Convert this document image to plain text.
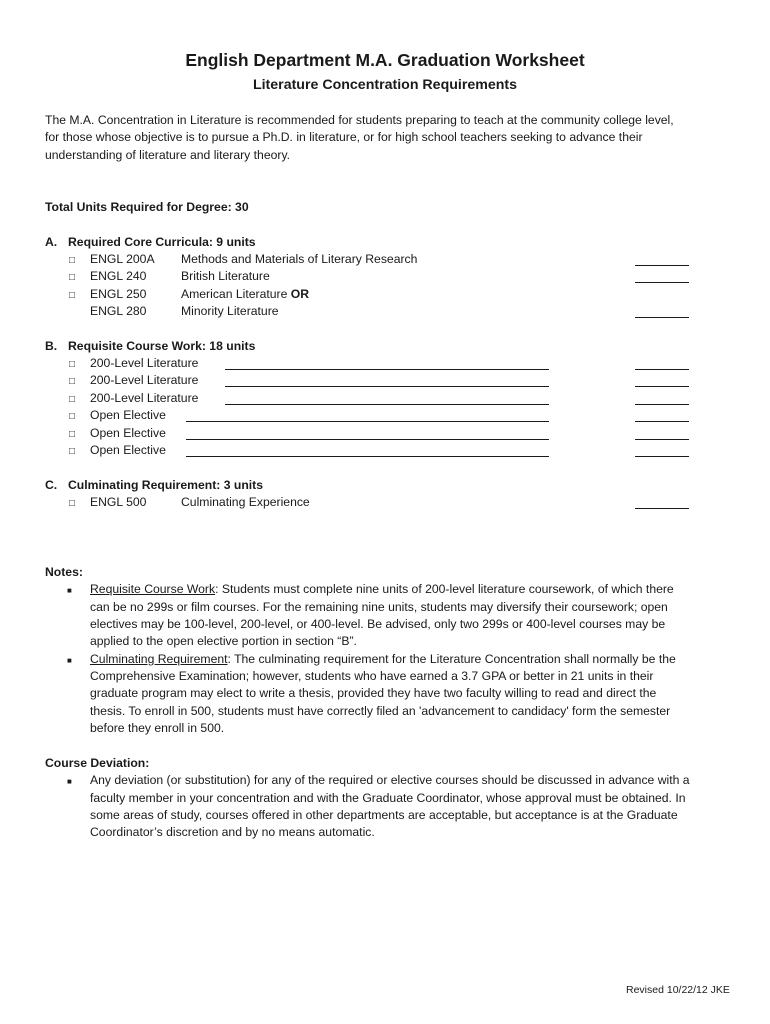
English Department M.A. Graduation Worksheet
Literature Concentration Requirements
The M.A. Concentration in Literature is recommended for students preparing to teach at the community college level,
for those whose objective is to pursue a Ph.D. in literature, or for high school teachers seeking to advance their
understanding of literature and literary theory.
Total Units Required for Degree: 30
A. Required Core Curricula: 9 units
□ ENGL 200A Methods and Materials of Literary Research
□ ENGL 240	British Literature
□ ENGL 250	American Literature OR
ENGL 280	Minority Literature
B. Requisite Course Work: 18 units
□ 200-Level Literature
□ 200-Level Literature
□ 200-Level Literature
□ Open Elective
□ Open Elective
□ Open Elective
C. Culminating Requirement: 3 units
□ ENGL 500	Culminating Experience
Notes:
■ Requisite Course Work: Students must complete nine units of 200-level literature coursework, of which there
can be no 299s or film courses. For the remaining nine units, students may diversify their coursework; open
electives may be 100-level, 200-level, or 400-level. Be advised, only two 299s or 400-level courses may be
applied to the open elective portion in section “B”.
■ Culminating Requirement: The culminating requirement for the Literature Concentration shall normally be the
Comprehensive Examination; however, students who have earned a 3.7 GPA or better in 21 units in their
graduate program may elect to write a thesis, provided they have two faculty willing to read and direct the
thesis. To enroll in 500, students must have correctly filed an 'advancement to candidacy' form the semester
before they enroll in 500.
Course Deviation:
■ Any deviation (or substitution) for any of the required or elective courses should be discussed in advance with a
faculty member in your concentration and with the Graduate Coordinator, whose approval must be obtained. In
some areas of study, courses offered in other departments are acceptable, but acceptance is at the Graduate
Coordinator’s discretion and by no means automatic.
Revised 10/22/12 JKE
